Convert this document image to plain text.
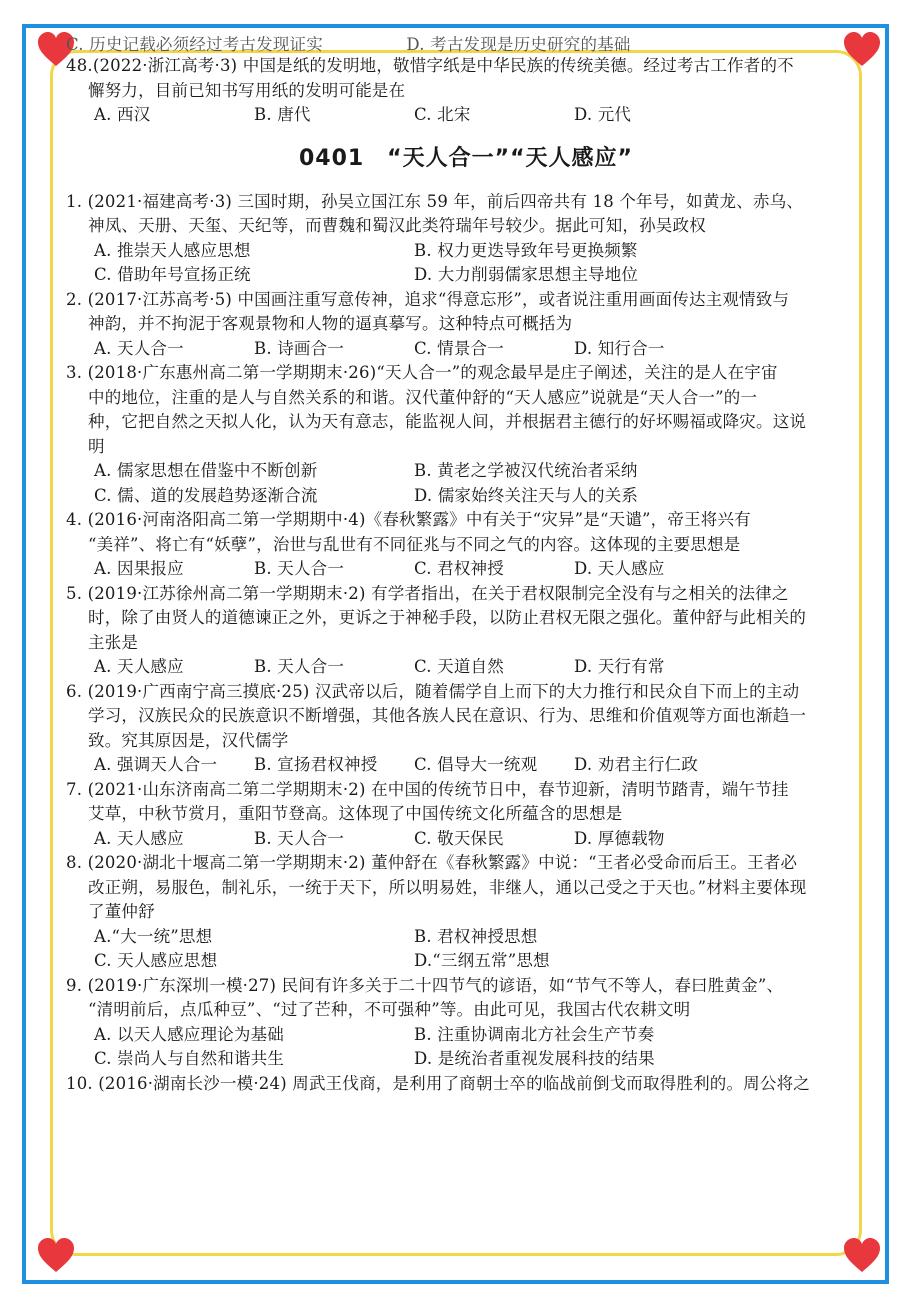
C. 历史记载必须经过考古发现证实　　　　　D. 考古发现是历史研究的基础
48.(2022·浙江高考·3) 中国是纸的发明地，敬惜字纸是中华民族的传统美德。经过考古工作者的不
懈努力，目前已知书写用纸的发明可能是在
A. 西汉	B. 唐代	C. 北宋	D. 元代
0401　“天人合一”“天人感应”
1. (2021·福建高考·3) 三国时期，孙吴立国江东 59 年，前后四帝共有 18 个年号，如黄龙、赤乌、
神凤、天册、天玺、天纪等，而曹魏和蜀汉此类符瑞年号较少。据此可知，孙吴政权
A. 推崇天人感应思想	B. 权力更迭导致年号更换频繁
C. 借助年号宣扬正统	D. 大力削弱儒家思想主导地位
2. (2017·江苏高考·5) 中国画注重写意传神，追求“得意忘形”，或者说注重用画面传达主观情致与
神韵，并不拘泥于客观景物和人物的逼真摹写。这种特点可概括为
A. 天人合一	B. 诗画合一	C. 情景合一	D. 知行合一
3. (2018·广东惠州高二第一学期期末·26)“天人合一”的观念最早是庄子阐述，关注的是人在宇宙
中的地位，注重的是人与自然关系的和谐。汉代董仲舒的“天人感应”说就是“天人合一”的一
种，它把自然之天拟人化，认为天有意志，能监视人间，并根据君主德行的好坏赐福或降灾。这说
明
A. 儒家思想在借鉴中不断创新	B. 黄老之学被汉代统治者采纳
C. 儒、道的发展趋势逐渐合流	D. 儒家始终关注天与人的关系
4. (2016·河南洛阳高二第一学期期中·4)《春秋繁露》中有关于“灾异”是“天谴”，帝王将兴有
“美祥”、将亡有“妖孽”，治世与乱世有不同征兆与不同之气的内容。这体现的主要思想是
A. 因果报应	B. 天人合一	C. 君权神授	D. 天人感应
5. (2019·江苏徐州高二第一学期期末·2) 有学者指出，在关于君权限制完全没有与之相关的法律之
时，除了由贤人的道德谏正之外，更诉之于神秘手段，以防止君权无限之强化。董仲舒与此相关的
主张是
A. 天人感应	B. 天人合一	C. 天道自然	D. 天行有常
6. (2019·广西南宁高三摸底·25) 汉武帝以后，随着儒学自上而下的大力推行和民众自下而上的主动
学习，汉族民众的民族意识不断增强，其他各族人民在意识、行为、思维和价值观等方面也渐趋一
致。究其原因是，汉代儒学
A. 强调天人合一 B. 宣扬君权神授 C. 倡导大一统观 D. 劝君主行仁政
7. (2021·山东济南高二第二学期期末·2) 在中国的传统节日中，春节迎新，清明节踏青，端午节挂
艾草，中秋节赏月，重阳节登高。这体现了中国传统文化所蕴含的思想是
A. 天人感应	B. 天人合一	C. 敬天保民	D. 厚德载物
8. (2020·湖北十堰高二第一学期期末·2) 董仲舒在《春秋繁露》中说：“王者必受命而后王。王者必
改正朔，易服色，制礼乐，一统于天下，所以明易姓，非继人，通以己受之于天也。”材料主要体现
了董仲舒
A.“大一统”思想	B. 君权神授思想
C. 天人感应思想	D.“三纲五常”思想
9. (2019·广东深圳一模·27) 民间有许多关于二十四节气的谚语，如“节气不等人，春曰胜黄金”、
“清明前后，点瓜种豆”、“过了芒种，不可强种”等。由此可见，我国古代农耕文明
A. 以天人感应理论为基础	B. 注重协调南北方社会生产节奏
C. 崇尚人与自然和谐共生	D. 是统治者重视发展科技的结果
10. (2016·湖南长沙一模·24) 周武王伐商，是利用了商朝士卒的临战前倒戈而取得胜利的。周公将之
